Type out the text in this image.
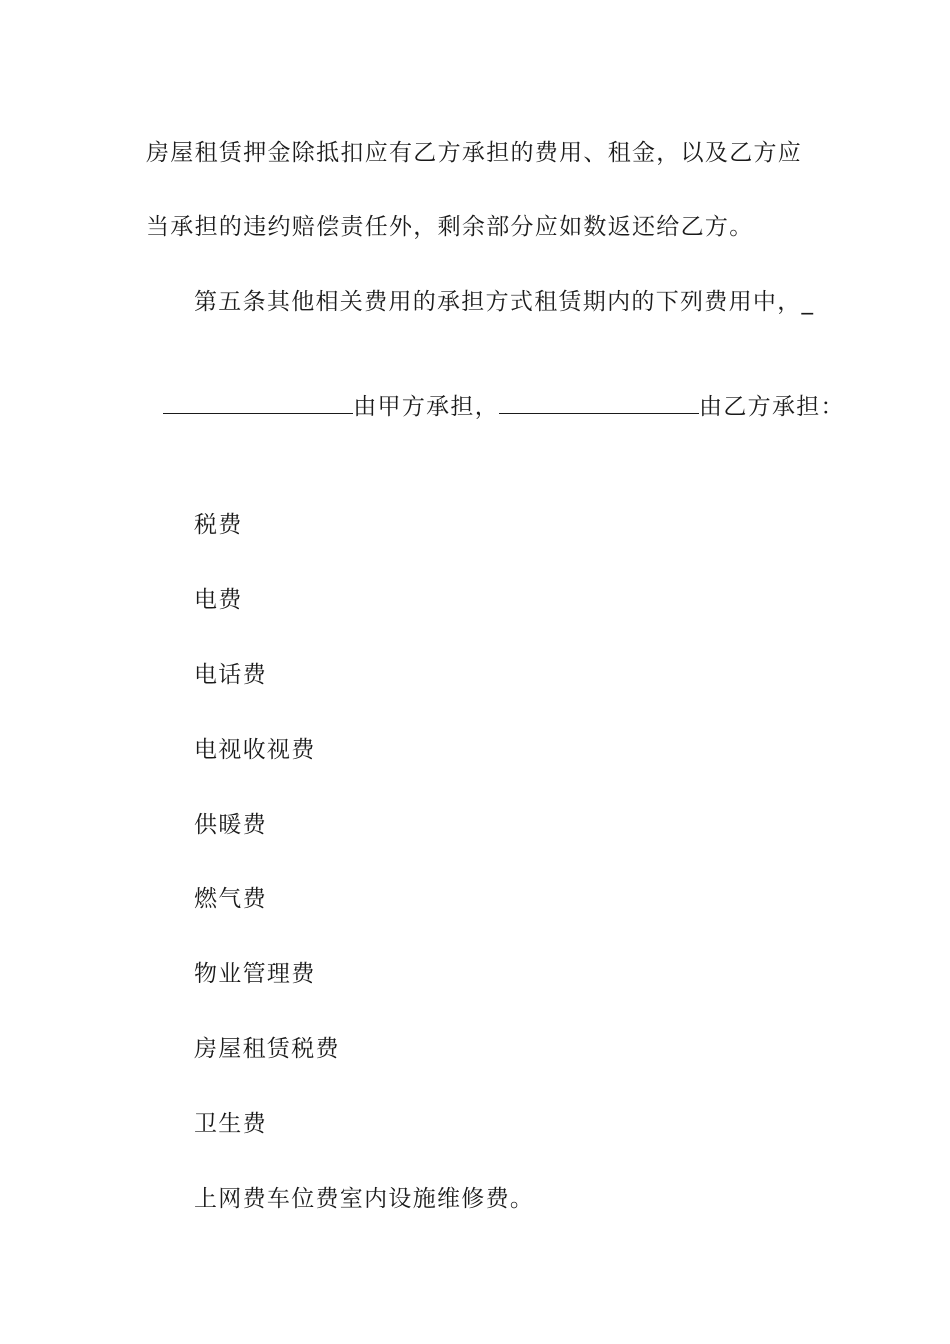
房屋租赁押金除抵扣应有乙方承担的费用、租金，以及乙方应
当承担的违约赔偿责任外，剩余部分应如数返还给乙方。
第五条其他相关费用的承担方式租赁期内的下列费用中，_

由甲方承担，	由乙方承担：

税费
电费
电话费
电视收视费
供暖费
燃气费
物业管理费
房屋租赁税费
卫生费
上网费车位费室内设施维修费。
